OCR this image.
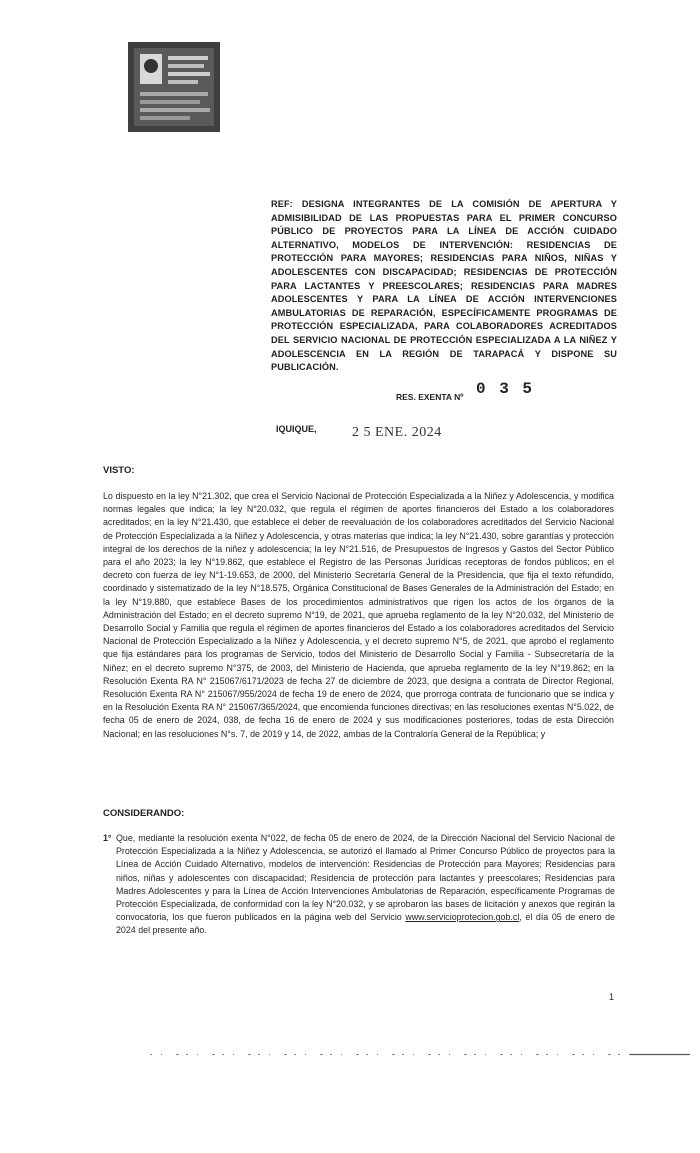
REF: DESIGNA INTEGRANTES DE LA COMISIÓN DE APERTURA Y ADMISIBILIDAD DE LAS PROPUESTAS PARA EL PRIMER CONCURSO PÚBLICO DE PROYECTOS PARA LA LÍNEA DE ACCIÓN CUIDADO ALTERNATIVO, MODELOS DE INTERVENCIÓN: RESIDENCIAS DE PROTECCIÓN PARA MAYORES; RESIDENCIAS PARA NIÑOS, NIÑAS Y ADOLESCENTES CON DISCAPACIDAD; RESIDENCIAS DE PROTECCIÓN PARA LACTANTES Y PREESCOLARES; RESIDENCIAS PARA MADRES ADOLESCENTES Y PARA LA LÍNEA DE ACCIÓN INTERVENCIONES AMBULATORIAS DE REPARACIÓN, ESPECÍFICAMENTE PROGRAMAS DE PROTECCIÓN ESPECIALIZADA, PARA COLABORADORES ACREDITADOS DEL SERVICIO NACIONAL DE PROTECCIÓN ESPECIALIZADA A LA NIÑEZ Y ADOLESCENCIA EN LA REGIÓN DE TARAPACÁ Y DISPONE SU PUBLICACIÓN.
RES. EXENTA Nº 0 3 5
IQUIQUE,	2 5 ENE. 2024
VISTO:
Lo dispuesto en la ley N°21.302, que crea el Servicio Nacional de Protección Especializada a la Niñez y Adolescencia, y modifica normas legales que indica; la ley N°20.032, que regula el régimen de aportes financieros del Estado a los colaboradores acreditados; en la ley N°21.430, que establece el deber de reevaluación de los colaboradores acreditados del Servicio Nacional de Protección Especializada a la Niñez y Adolescencia, y otras materias que indica; la ley N°21.430, sobre garantías y protección integral de los derechos de la niñez y adolescencia; la ley N°21.516, de Presupuestos de Ingresos y Gastos del Sector Público para el año 2023; la ley N°19.862, que establece el Registro de las Personas Jurídicas receptoras de fondos públicos; en el decreto con fuerza de ley N°1-19.653, de 2000, del Ministerio Secretaría General de la Presidencia, que fija el texto refundido, coordinado y sistematizado de la ley N°18.575, Orgánica Constitucional de Bases Generales de la Administración del Estado; en la ley N°19.880, que establece Bases de los procedimientos administrativos que rigen los actos de los órganos de la Administración del Estado; en el decreto supremo N°19, de 2021, que aprueba reglamento de la ley N°20.032, del Ministerio de Desarrollo Social y Familia que regula el régimen de aportes financieros del Estado a los colaboradores acreditados del Servicio Nacional de Protección Especializado a la Niñez y Adolescencia, y el decreto supremo N°5, de 2021, que aprobó el reglamento que fija estándares para los programas de Servicio, todos del Ministerio de Desarrollo Social y Familia - Subsecretaría de la Niñez; en el decreto supremo N°375, de 2003, del Ministerio de Hacienda, que aprueba reglamento de la ley N°19.862; en la Resolución Exenta RA N° 215067/6171/2023 de fecha 27 de diciembre de 2023, que designa a contrata de Director Regional, Resolución Exenta RA N° 215067/955/2024 de fecha 19 de enero de 2024, que prorroga contrata de funcionario que se indica y en la Resolución Exenta RA N° 215067/365/2024, que encomienda funciones directivas; en las resoluciones exentas N°5.022, de fecha 05 de enero de 2024, 038, de fecha 16 de enero de 2024 y sus modificaciones posteriores, todas de esta Dirección Nacional; en las resoluciones N°s. 7, de 2019 y 14, de 2022, ambas de la Contraloría General de la República; y
CONSIDERANDO:
1° Que, mediante la resolución exenta N°022, de fecha 05 de enero de 2024, de la Dirección Nacional del Servicio Nacional de Protección Especializada a la Niñez y Adolescencia, se autorizó el llamado al Primer Concurso Público de proyectos para la Línea de Acción Cuidado Alternativo, modelos de intervención: Residencias de Protección para Mayores; Residencias para niños, niñas y adolescentes con discapacidad; Residencia de protección para lactantes y preescolares; Residencias para Madres Adolescentes y para la Línea de Acción Intervenciones Ambulatorias de Reparación, específicamente Programas de Protección Especializada, de conformidad con la ley N°20.032, y se aprobaron las bases de licitación y anexos que regirán la convocatoria, los que fueron publicados en la página web del Servicio www.servicioprotecion.gob.cl, el día 05 de enero de 2024 del presente año.
1
